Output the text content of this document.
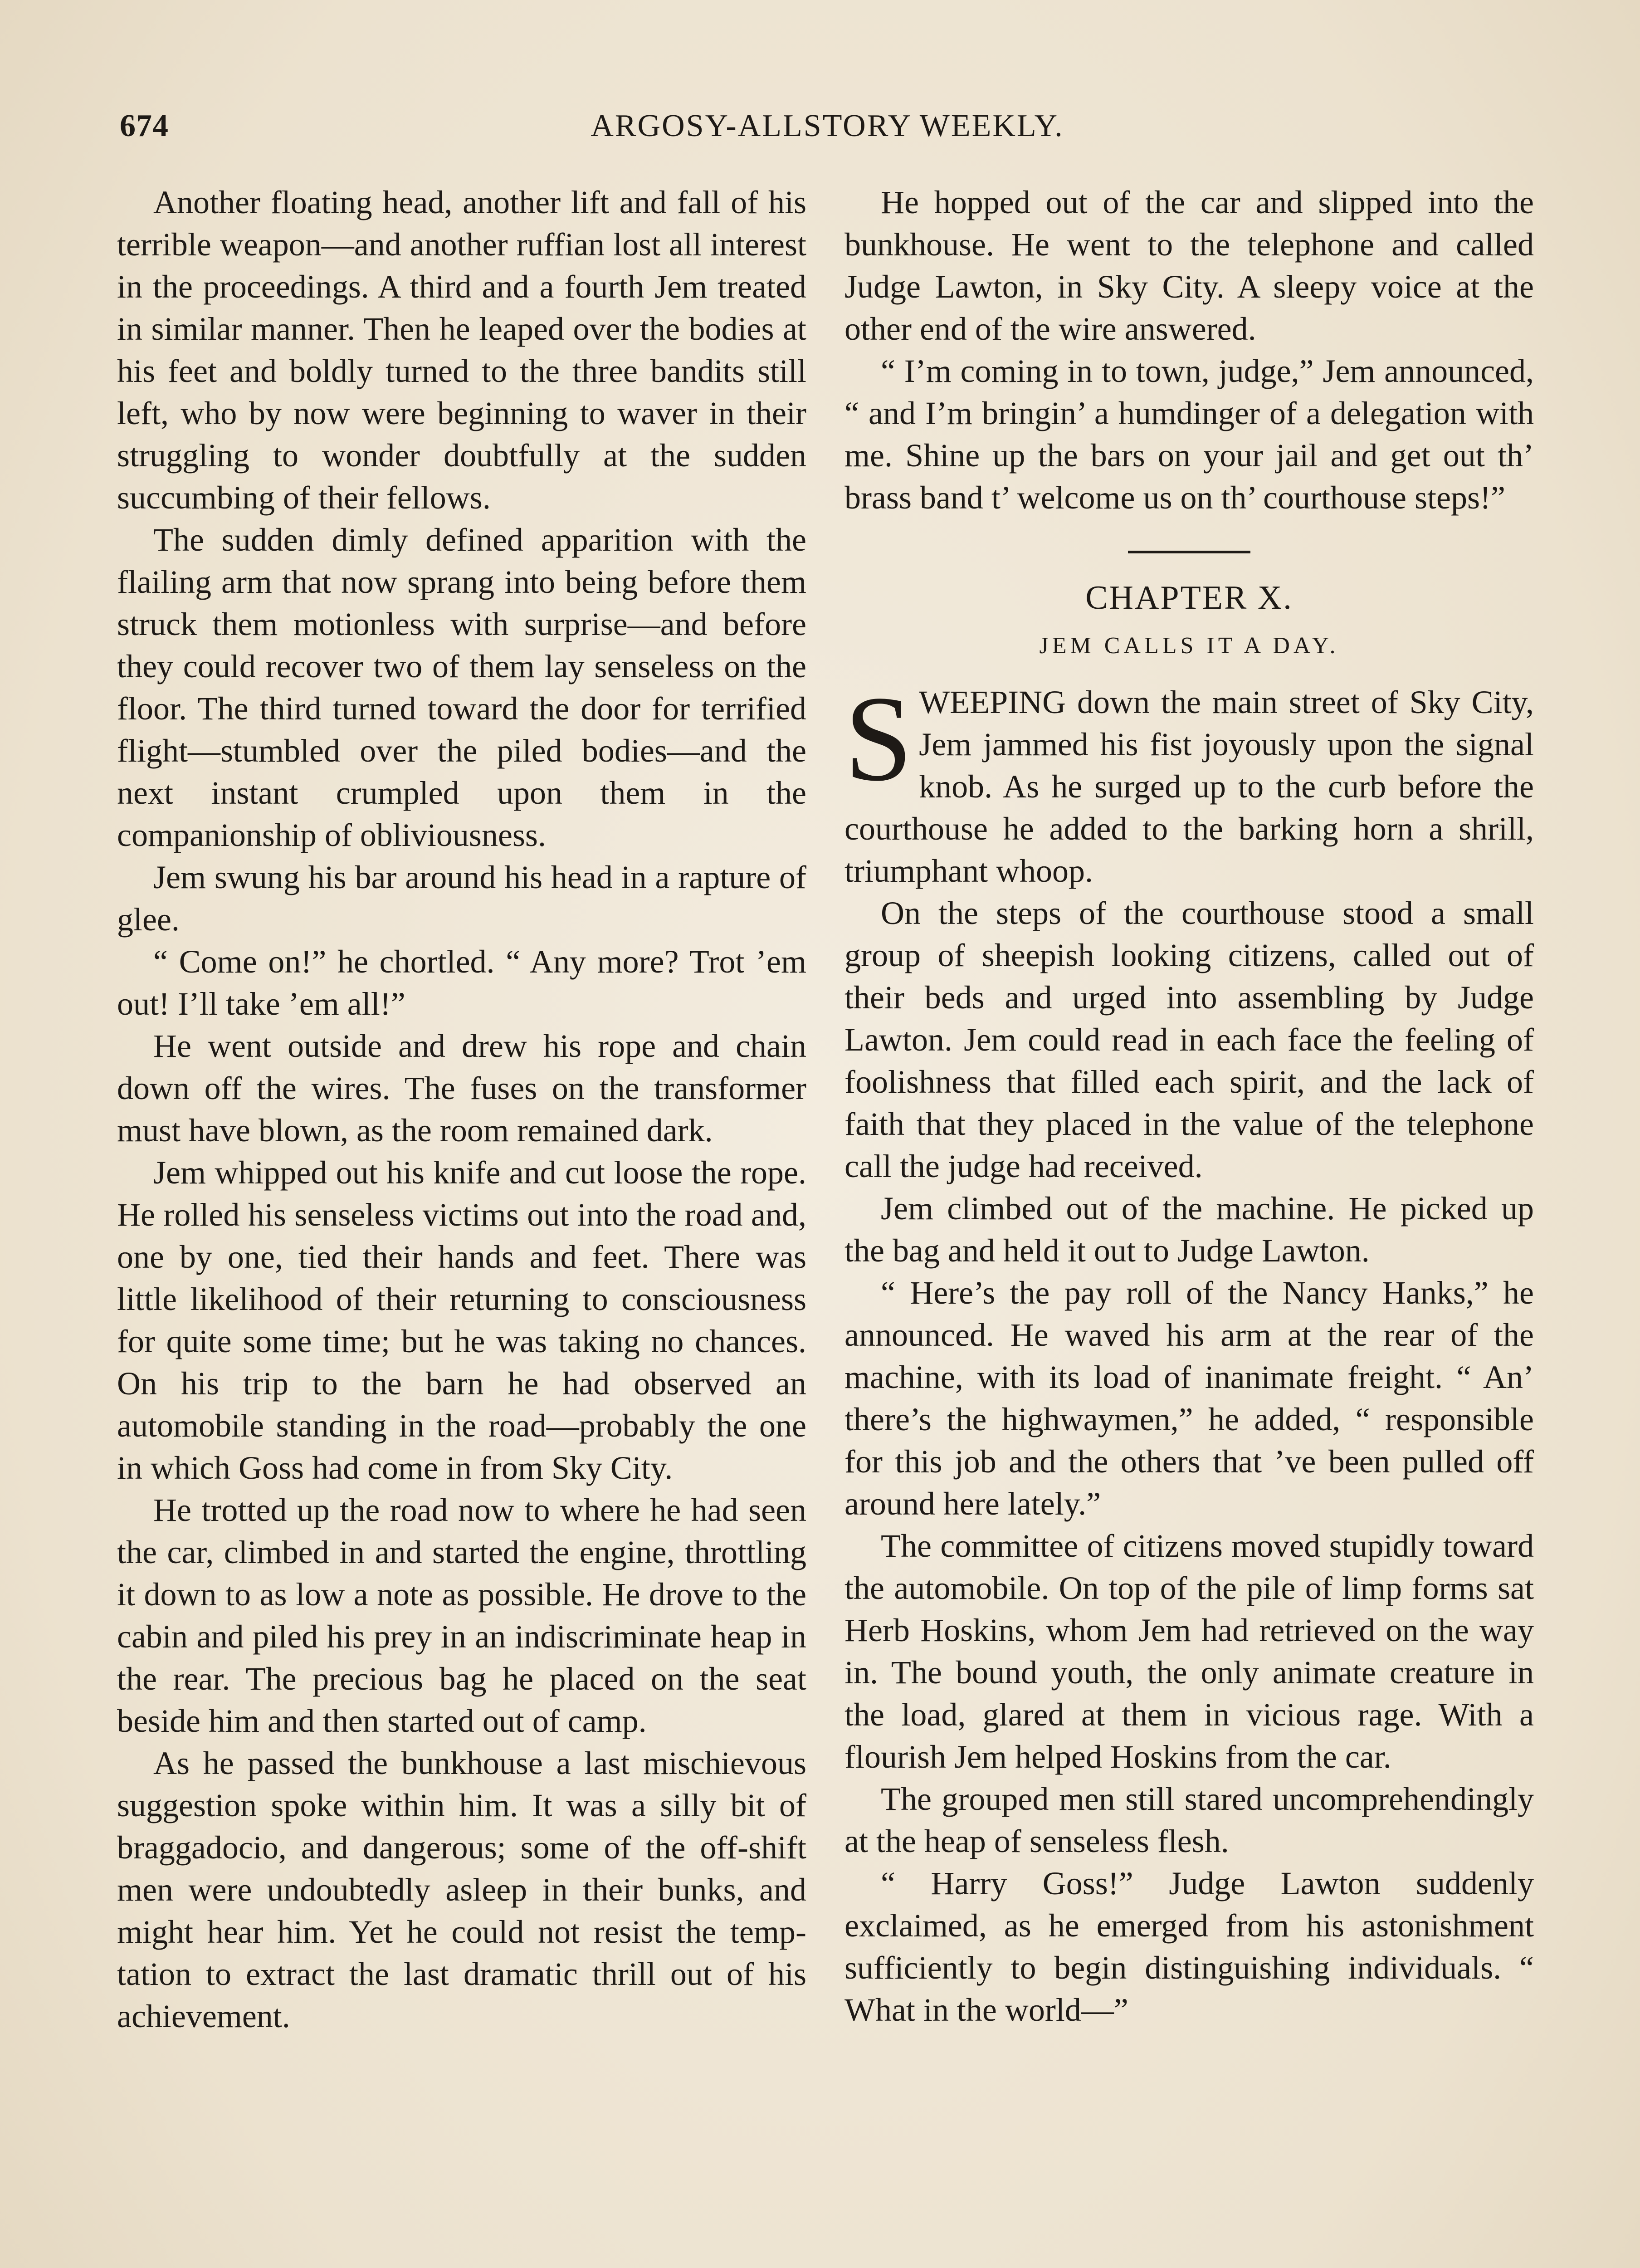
674	ARGOSY-ALLSTORY WEEKLY.

Another floating head, another lift and fall of his terrible weapon—and another ruffian lost all interest in the proceedings. A third and a fourth Jem treated in similar manner. Then he leaped over the bodies at his feet and boldly turned to the three bandits still left, who by now were beginning to waver in their struggling to wonder doubtfully at the sudden succumbing of their fellows.

The sudden dimly defined apparition with the flailing arm that now sprang into being before them struck them motionless with surprise—and before they could recover two of them lay senseless on the floor. The third turned toward the door for terrified flight—stumbled over the piled bodies—and the next instant crumpled upon them in the companionship of obliviousness.

Jem swung his bar around his head in a rapture of glee.

“ Come on!” he chortled. “ Any more? Trot ’em out! I’ll take ’em all!”

He went outside and drew his rope and chain down off the wires. The fuses on the transformer must have blown, as the room remained dark.

Jem whipped out his knife and cut loose the rope. He rolled his senseless victims out into the road and, one by one, tied their hands and feet. There was little likelihood of their returning to consciousness for quite some time; but he was taking no chances. On his trip to the barn he had observed an automobile standing in the road—probably the one in which Goss had come in from Sky City.

He trotted up the road now to where he had seen the car, climbed in and started the engine, throttling it down to as low a note as possible. He drove to the cabin and piled his prey in an indiscriminate heap in the rear. The precious bag he placed on the seat beside him and then started out of camp.

As he passed the bunkhouse a last mischievous suggestion spoke within him. It was a silly bit of braggadocio, and dangerous; some of the off-shift men were undoubtedly asleep in their bunks, and might hear him. Yet he could not resist the temptation to extract the last dramatic thrill out of his achievement.

He hopped out of the car and slipped into the bunkhouse. He went to the telephone and called Judge Lawton, in Sky City. A sleepy voice at the other end of the wire answered.

“ I’m coming in to town, judge,” Jem announced, “ and I’m bringin’ a humdinger of a delegation with me. Shine up the bars on your jail and get out th’ brass band t’ welcome us on th’ courthouse steps!”

CHAPTER X.
JEM CALLS IT A DAY.

SWEEPING down the main street of Sky City, Jem jammed his fist joyously upon the signal knob. As he surged up to the curb before the courthouse he added to the barking horn a shrill, triumphant whoop.

On the steps of the courthouse stood a small group of sheepish looking citizens, called out of their beds and urged into assembling by Judge Lawton. Jem could read in each face the feeling of foolishness that filled each spirit, and the lack of faith that they placed in the value of the telephone call the judge had received.

Jem climbed out of the machine. He picked up the bag and held it out to Judge Lawton.

“ Here’s the pay roll of the Nancy Hanks,” he announced. He waved his arm at the rear of the machine, with its load of inanimate freight. “ An’ there’s the highwaymen,” he added, “ responsible for this job and the others that ’ve been pulled off around here lately.”

The committee of citizens moved stupidly toward the automobile. On top of the pile of limp forms sat Herb Hoskins, whom Jem had retrieved on the way in. The bound youth, the only animate creature in the load, glared at them in vicious rage. With a flourish Jem helped Hoskins from the car.

The grouped men still stared uncomprehendingly at the heap of senseless flesh.

“ Harry Goss!” Judge Lawton suddenly exclaimed, as he emerged from his astonishment sufficiently to begin distinguishing individuals. “ What in the world—”
